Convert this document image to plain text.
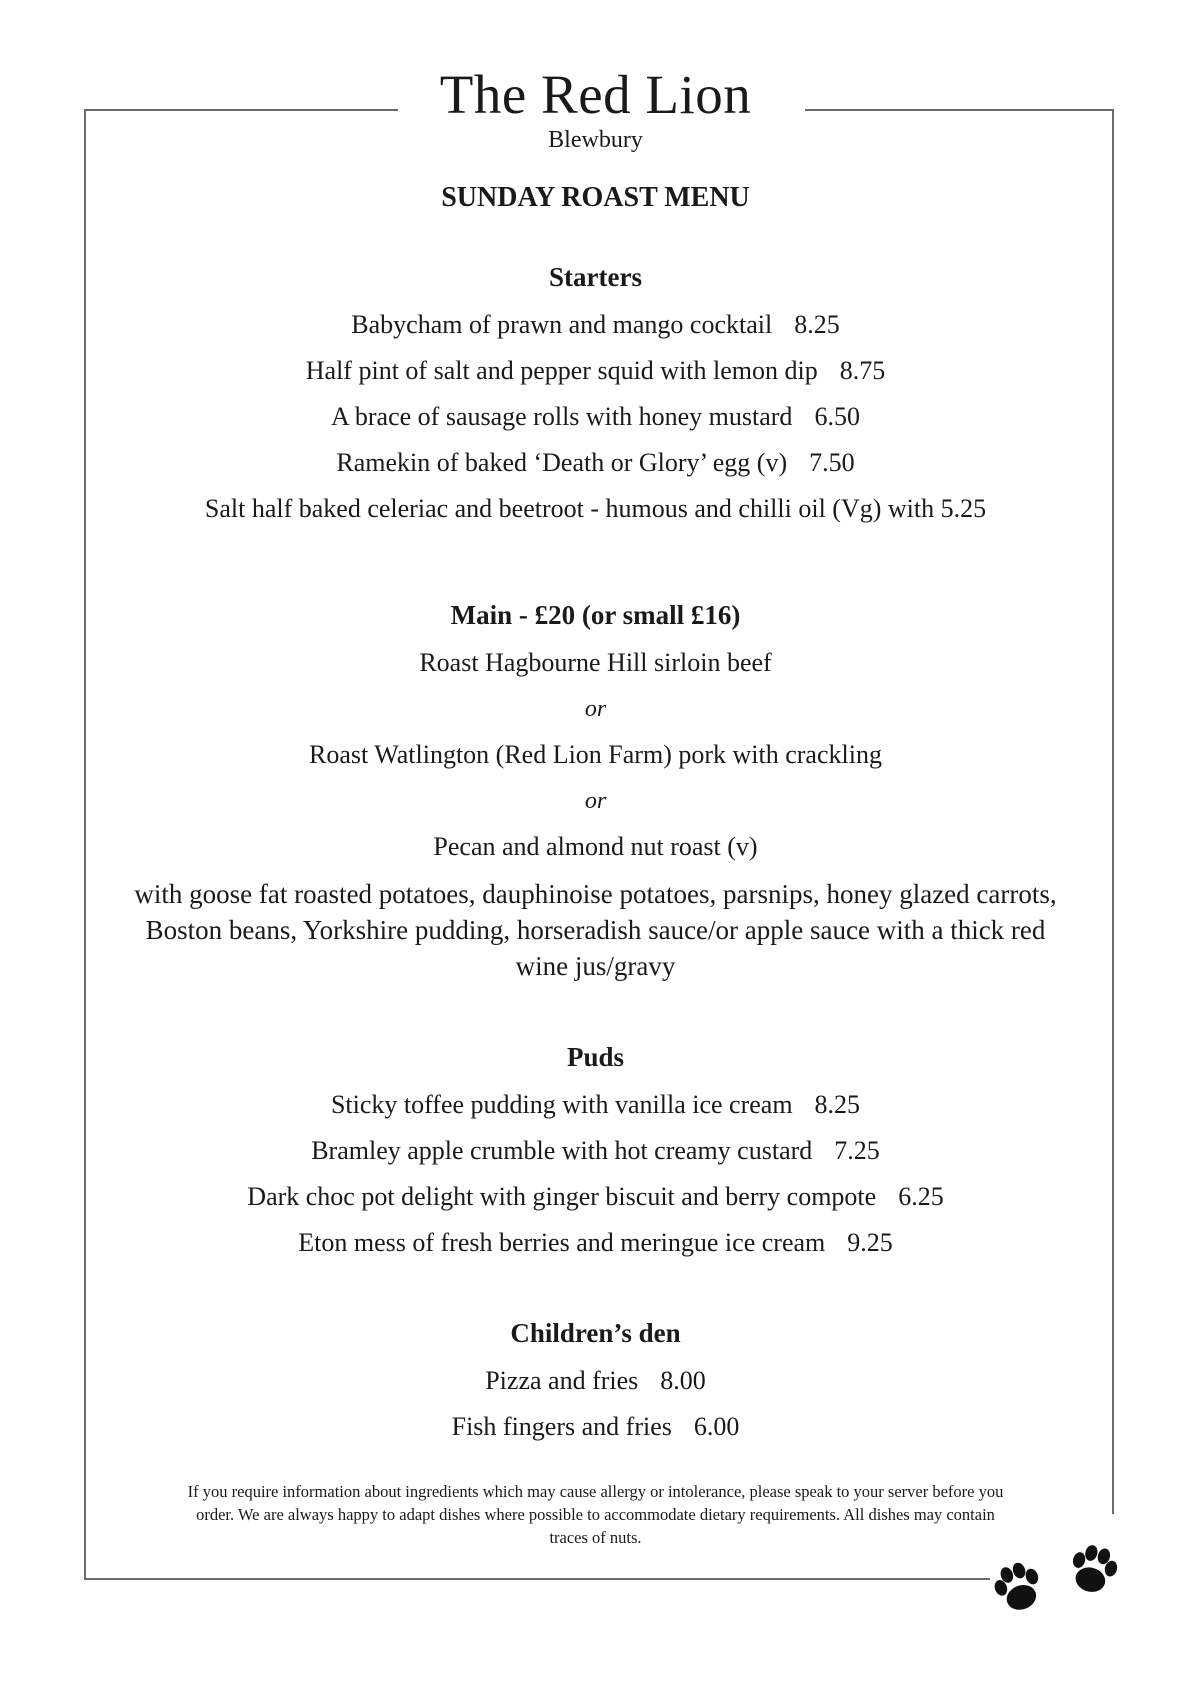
The Red Lion
Blewbury
SUNDAY ROAST MENU
Starters
Babycham of prawn and mango cocktail 8.25
Half pint of salt and pepper squid with lemon dip 8.75
A brace of sausage rolls with honey mustard 6.50
Ramekin of baked ‘Death or Glory’ egg (v) 7.50
Salt half baked celeriac and beetroot - humous and chilli oil (Vg) with 5.25
Main - £20 (or small £16)
Roast Hagbourne Hill sirloin beef
or
Roast Watlington (Red Lion Farm) pork with crackling
or
Pecan and almond nut roast (v)
with goose fat roasted potatoes, dauphinoise potatoes, parsnips, honey glazed carrots, Boston beans, Yorkshire pudding, horseradish sauce/or apple sauce with a thick red wine jus/gravy
Puds
Sticky toffee pudding with vanilla ice cream 8.25
Bramley apple crumble with hot creamy custard 7.25
Dark choc pot delight with ginger biscuit and berry compote 6.25
Eton mess of fresh berries and meringue ice cream 9.25
Children’s den
Pizza and fries 8.00
Fish fingers and fries 6.00
If you require information about ingredients which may cause allergy or intolerance, please speak to your server before you order. We are always happy to adapt dishes where possible to accommodate dietary requirements. All dishes may contain traces of nuts.
